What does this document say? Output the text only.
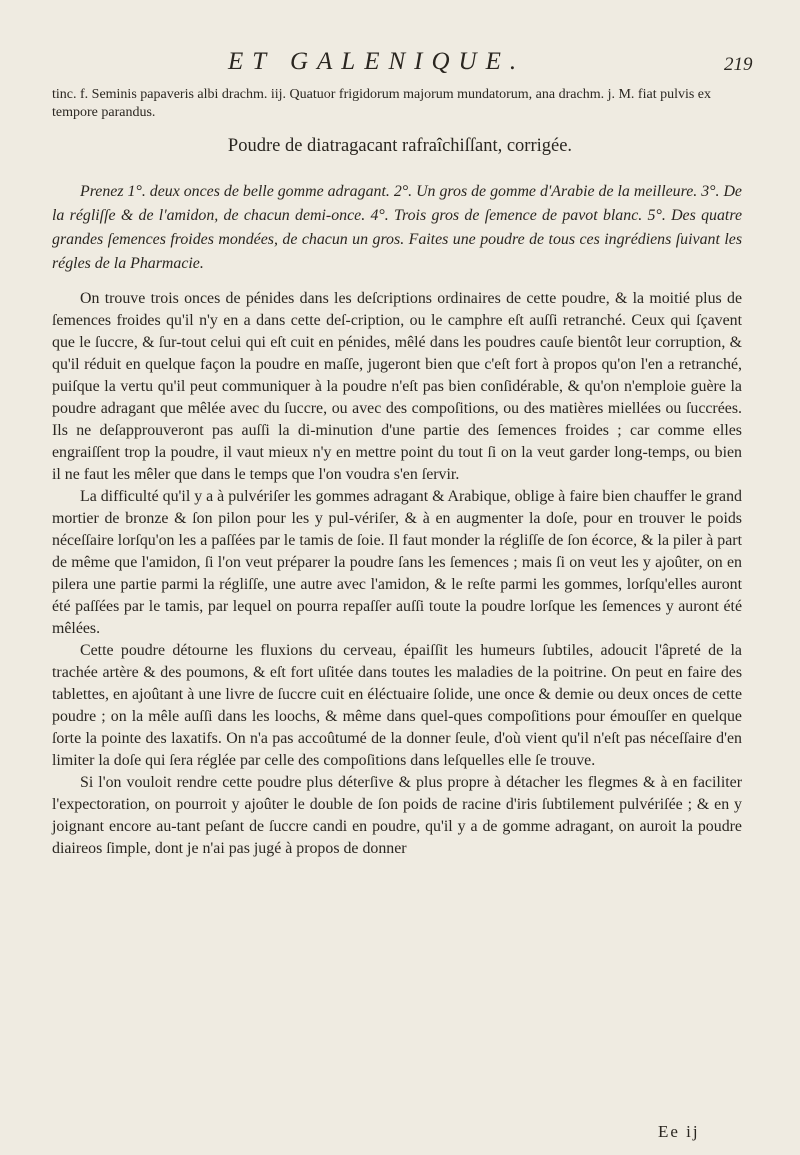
ET GALENIQUE.	219
tinc. f. Seminis papaveris albi drachm. iij. Quatuor frigidorum majorum mundatorum, ana drachm. j. M. fiat pulvis ex tempore parandus.
Poudre de diatragacant rafraîchiſſant, corrigée.

Prenez 1°. deux onces de belle gomme adragant. 2°. Un gros de gomme d'Arabie de la meilleure. 3°. De la régliſſe & de l'amidon, de chacun demi-once. 4°. Trois gros de ſemence de pavot blanc. 5°. Des quatre grandes ſemences froides mondées, de chacun un gros. Faites une poudre de tous ces ingrédiens ſuivant les régles de la Pharmacie.

On trouve trois onces de pénides dans les deſcriptions ordinaires de cette poudre, & la moitié plus de ſemences froides qu'il n'y en a dans cette deſ-cription, ou le camphre eſt auſſi retranché. Ceux qui ſçavent que le ſuccre, & ſur-tout celui qui eſt cuit en pénides, mêlé dans les poudres cauſe bientôt leur corruption, & qu'il réduit en quelque façon la poudre en maſſe, jugeront bien que c'eſt fort à propos qu'on l'en a retranché, puiſque la vertu qu'il peut communiquer à la poudre n'eſt pas bien conſidérable, & qu'on n'emploie guère la poudre adragant que mêlée avec du ſuccre, ou avec des compoſitions, ou des matières miellées ou ſuccrées. Ils ne deſapprouveront pas auſſi la di-minution d'une partie des ſemences froides ; car comme elles engraiſſent trop la poudre, il vaut mieux n'y en mettre point du tout ſi on la veut garder long-temps, ou bien il ne faut les mêler que dans le temps que l'on voudra s'en ſervir.

La difficulté qu'il y a à pulvériſer les gommes adragant & Arabique, oblige à faire bien chauffer le grand mortier de bronze & ſon pilon pour les y pul-vériſer, & à en augmenter la doſe, pour en trouver le poids néceſſaire lorſqu'on les a paſſées par le tamis de ſoie. Il faut monder la régliſſe de ſon écorce, & la piler à part de même que l'amidon, ſi l'on veut préparer la poudre ſans les ſemences ; mais ſi on veut les y ajoûter, on en pilera une partie parmi la régliſſe, une autre avec l'amidon, & le reſte parmi les gommes, lorſqu'elles auront été paſſées par le tamis, par lequel on pourra repaſſer auſſi toute la poudre lorſque les ſemences y auront été mêlées.

Cette poudre détourne les fluxions du cerveau, épaiſſit les humeurs ſubtiles, adoucit l'âpreté de la trachée artère & des poumons, & eſt fort uſitée dans toutes les maladies de la poitrine. On peut en faire des tablettes, en ajoûtant à une livre de ſuccre cuit en éléctuaire ſolide, une once & demie ou deux onces de cette poudre ; on la mêle auſſi dans les loochs, & même dans quel-ques compoſitions pour émouſſer en quelque ſorte la pointe des laxatifs. On n'a pas accoûtumé de la donner ſeule, d'où vient qu'il n'eſt pas néceſſaire d'en limiter la doſe qui ſera réglée par celle des compoſitions dans leſquelles elle ſe trouve.

Si l'on vouloit rendre cette poudre plus déterſive & plus propre à détacher les flegmes & à en faciliter l'expectoration, on pourroit y ajoûter le double de ſon poids de racine d'iris ſubtilement pulvériſée ; & en y joignant encore au-tant peſant de ſuccre candi en poudre, qu'il y a de gomme adragant, on auroit la poudre diaireos ſimple, dont je n'ai pas jugé à propos de donner

Ee ij
